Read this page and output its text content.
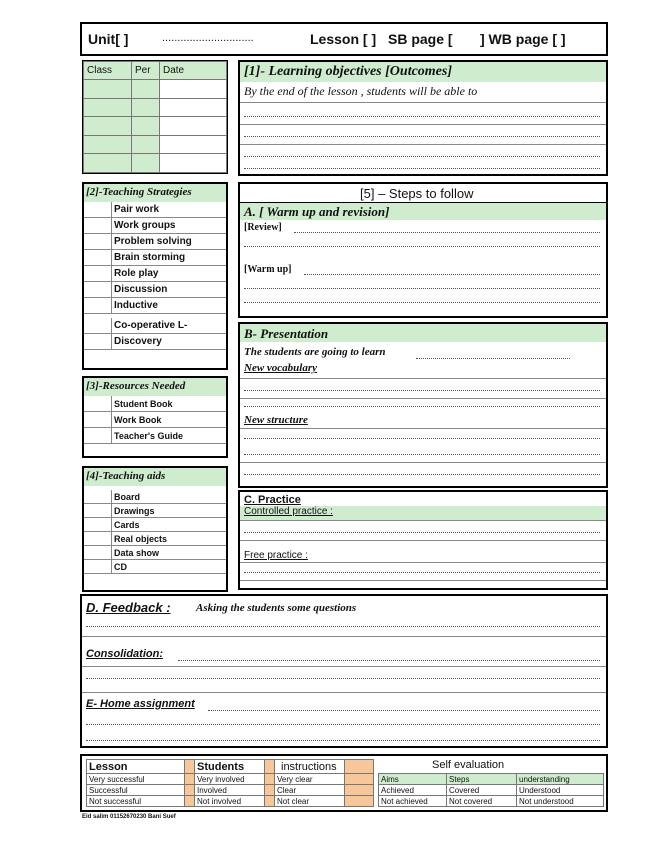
Unit[ ]	..............................	Lesson [ ] SB page [ ] WB page [ ]
Class	Per	Date

			[1]- Learning objectives [Outcomes]
By the end of the lesson , students will be able to
[2]-Teaching Strategies
Pair work
Work groups
Problem solving
Brain storming
Role play
Discussion
Inductive
Co-operative L-
Discovery
[3]-Resources Needed
Student Book
Work Book
Teacher's Guide
[4]-Teaching aids
Board
Drawings
Cards
Real objects
Data show
CD
[5] – Steps to follow
A. [ Warm up and revision]
[Review]
[Warm up]
B- Presentation
The students are going to learn
New vocabulary
New structure
C. Practice
Controlled practice :
Free practice :
D. Feedback : Asking the students some questions
Consolidation:
E- Home assignment
Lesson		Students		instructions	
Very successful		Very involved		Very clear	
Successful		Involved		Clear	
Not successful		Not involved		Not clear	
Self evaluation
Aims	Steps	understanding
Achieved	Covered	Understood
Not achieved	Not covered	Not understood
Eid salim 01152670230 Bani Suef
